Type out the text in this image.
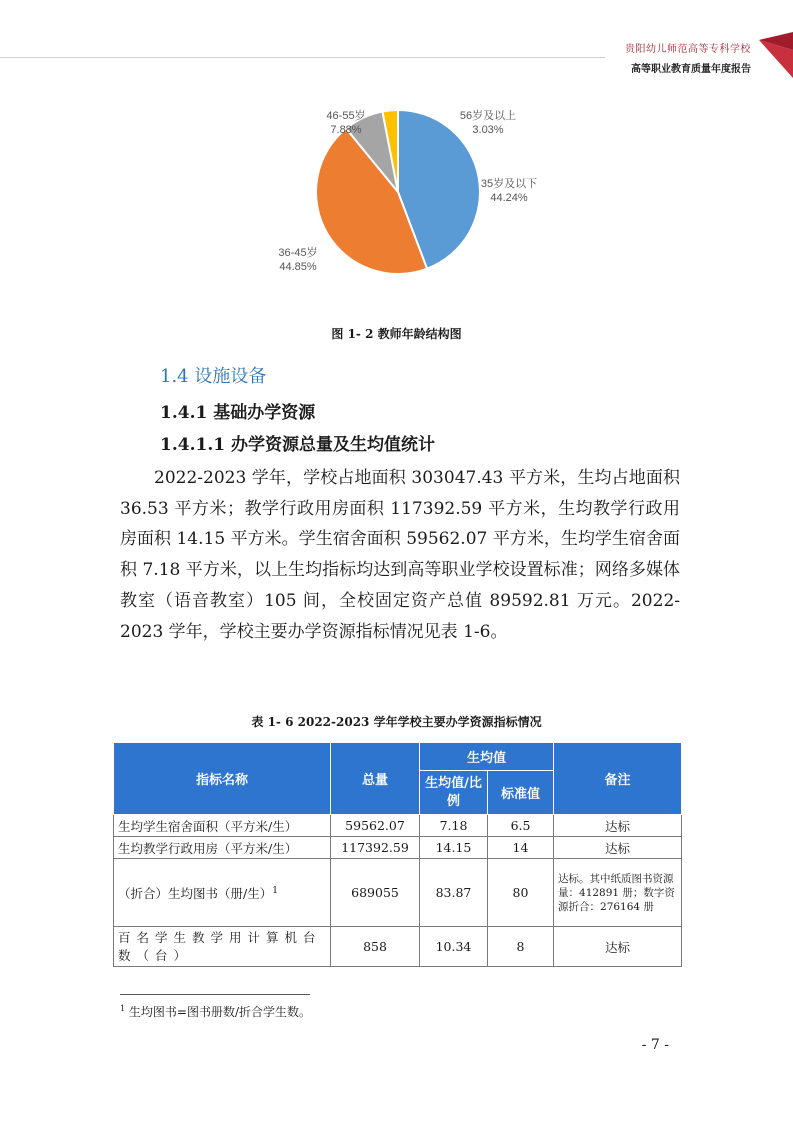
贵阳幼儿师范高等专科学校
高等职业教育质量年度报告
56岁及以上
3.03%
46-55岁
7.88%
35岁及以下
44.24%
36-45岁
44.85%
图 1- 2 教师年龄结构图
1.4 设施设备
1.4.1 基础办学资源
1.4.1.1 办学资源总量及生均值统计

2022-2023 学年，学校占地面积 303047.43 平方米，生均占地面积 36.53 平方米；教学行政用房面积 117392.59 平方米，生均教学行政用房面积 14.15 平方米。学生宿舍面积 59562.07 平方米，生均学生宿舍面积 7.18 平方米，以上生均指标均达到高等职业学校设置标准；网络多媒体教室（语音教室）105 间，全校固定资产总值 89592.81 万元。2022-2023 学年，学校主要办学资源指标情况见表 1-6。

表 1- 6 2022-2023 学年学校主要办学资源指标情况
指标名称	总量	生均值		备注
		生均值/比例	标准值	
生均学生宿舍面积（平方米/生）	59562.07	7.18	6.5	达标
生均教学行政用房（平方米/生）	117392.59	14.15	14	达标
（折合）生均图书（册/生）$^1$	689055	83.87	80	达标。其中纸质图书资源量：412891 册；数字资源折合：276164 册
百名学生教学用计算机台数（台）	858	10.34	8	达标
$^1$ 生均图书=图书册数/折合学生数。
- 7 -
